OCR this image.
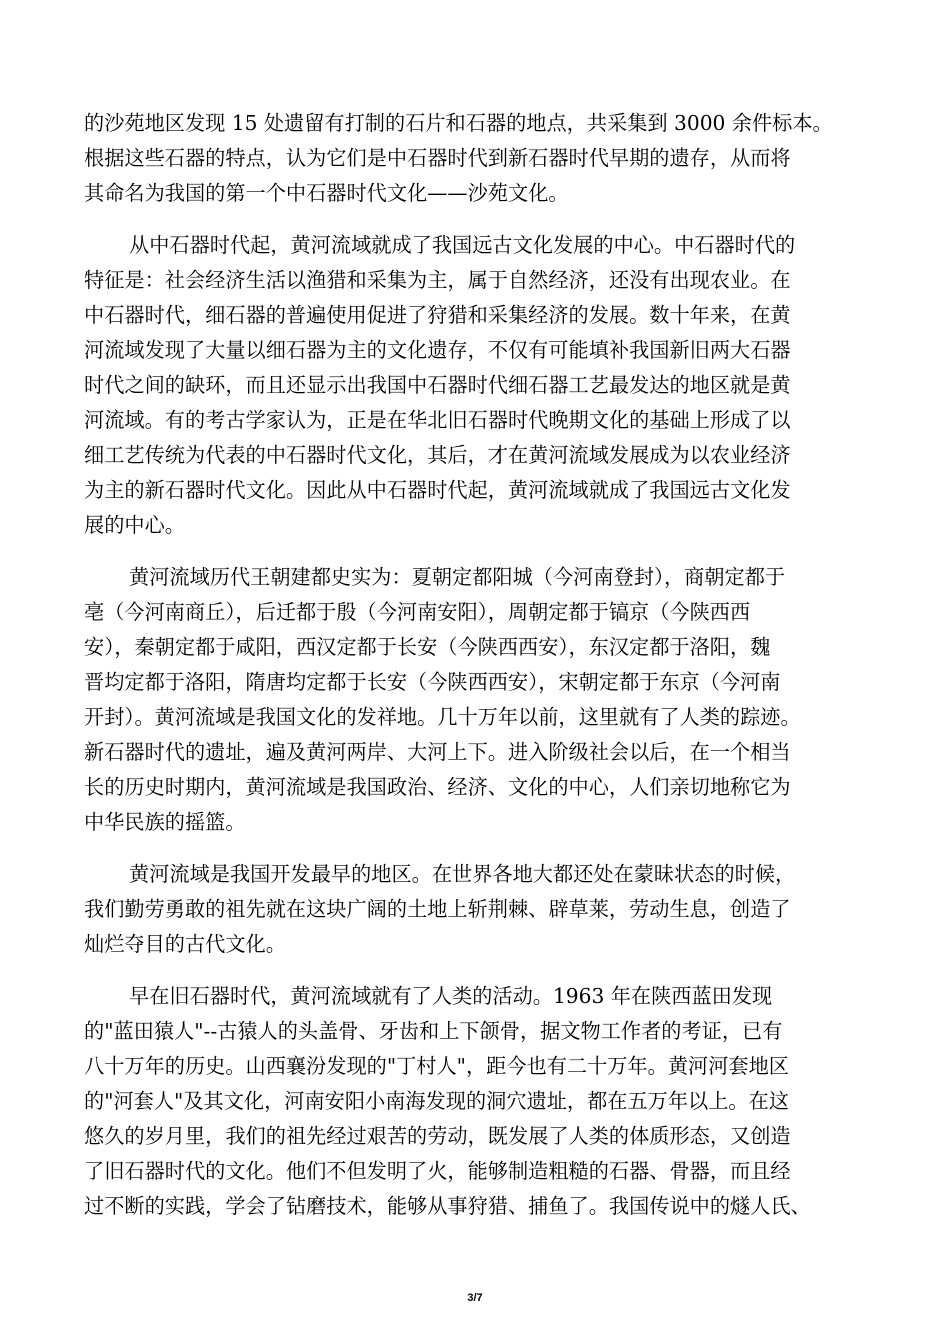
的沙苑地区发现 15 处遗留有打制的石片和石器的地点，共采集到 3000 余件标本。
根据这些石器的特点，认为它们是中石器时代到新石器时代早期的遗存，从而将
其命名为我国的第一个中石器时代文化——沙苑文化。
从中石器时代起，黄河流域就成了我国远古文化发展的中心。中石器时代的
特征是：社会经济生活以渔猎和采集为主，属于自然经济，还没有出现农业。在
中石器时代，细石器的普遍使用促进了狩猎和采集经济的发展。数十年来，在黄
河流域发现了大量以细石器为主的文化遗存，不仅有可能填补我国新旧两大石器
时代之间的缺环，而且还显示出我国中石器时代细石器工艺最发达的地区就是黄
河流域。有的考古学家认为，正是在华北旧石器时代晚期文化的基础上形成了以
细工艺传统为代表的中石器时代文化，其后，才在黄河流域发展成为以农业经济
为主的新石器时代文化。因此从中石器时代起，黄河流域就成了我国远古文化发
展的中心。
黄河流域历代王朝建都史实为：夏朝定都阳城（今河南登封），商朝定都于
亳（今河南商丘），后迁都于殷（今河南安阳），周朝定都于镐京（今陕西西
安），秦朝定都于咸阳，西汉定都于长安（今陕西西安），东汉定都于洛阳，魏
晋均定都于洛阳，隋唐均定都于长安（今陕西西安），宋朝定都于东京（今河南
开封）。黄河流域是我国文化的发祥地。几十万年以前，这里就有了人类的踪迹。
新石器时代的遗址，遍及黄河两岸、大河上下。进入阶级社会以后，在一个相当
长的历史时期内，黄河流域是我国政治、经济、文化的中心，人们亲切地称它为
中华民族的摇篮。
黄河流域是我国开发最早的地区。在世界各地大都还处在蒙昧状态的时候，
我们勤劳勇敢的祖先就在这块广阔的土地上斩荆棘、辟草莱，劳动生息，创造了
灿烂夺目的古代文化。
早在旧石器时代，黄河流域就有了人类的活动。1963 年在陕西蓝田发现
的"蓝田猿人"--古猿人的头盖骨、牙齿和上下颌骨，据文物工作者的考证，已有
八十万年的历史。山西襄汾发现的"丁村人"，距今也有二十万年。黄河河套地区
的"河套人"及其文化，河南安阳小南海发现的洞穴遗址，都在五万年以上。在这
悠久的岁月里，我们的祖先经过艰苦的劳动，既发展了人类的体质形态，又创造
了旧石器时代的文化。他们不但发明了火，能够制造粗糙的石器、骨器，而且经
过不断的实践，学会了钻磨技术，能够从事狩猎、捕鱼了。我国传说中的燧人氏、
3/7
